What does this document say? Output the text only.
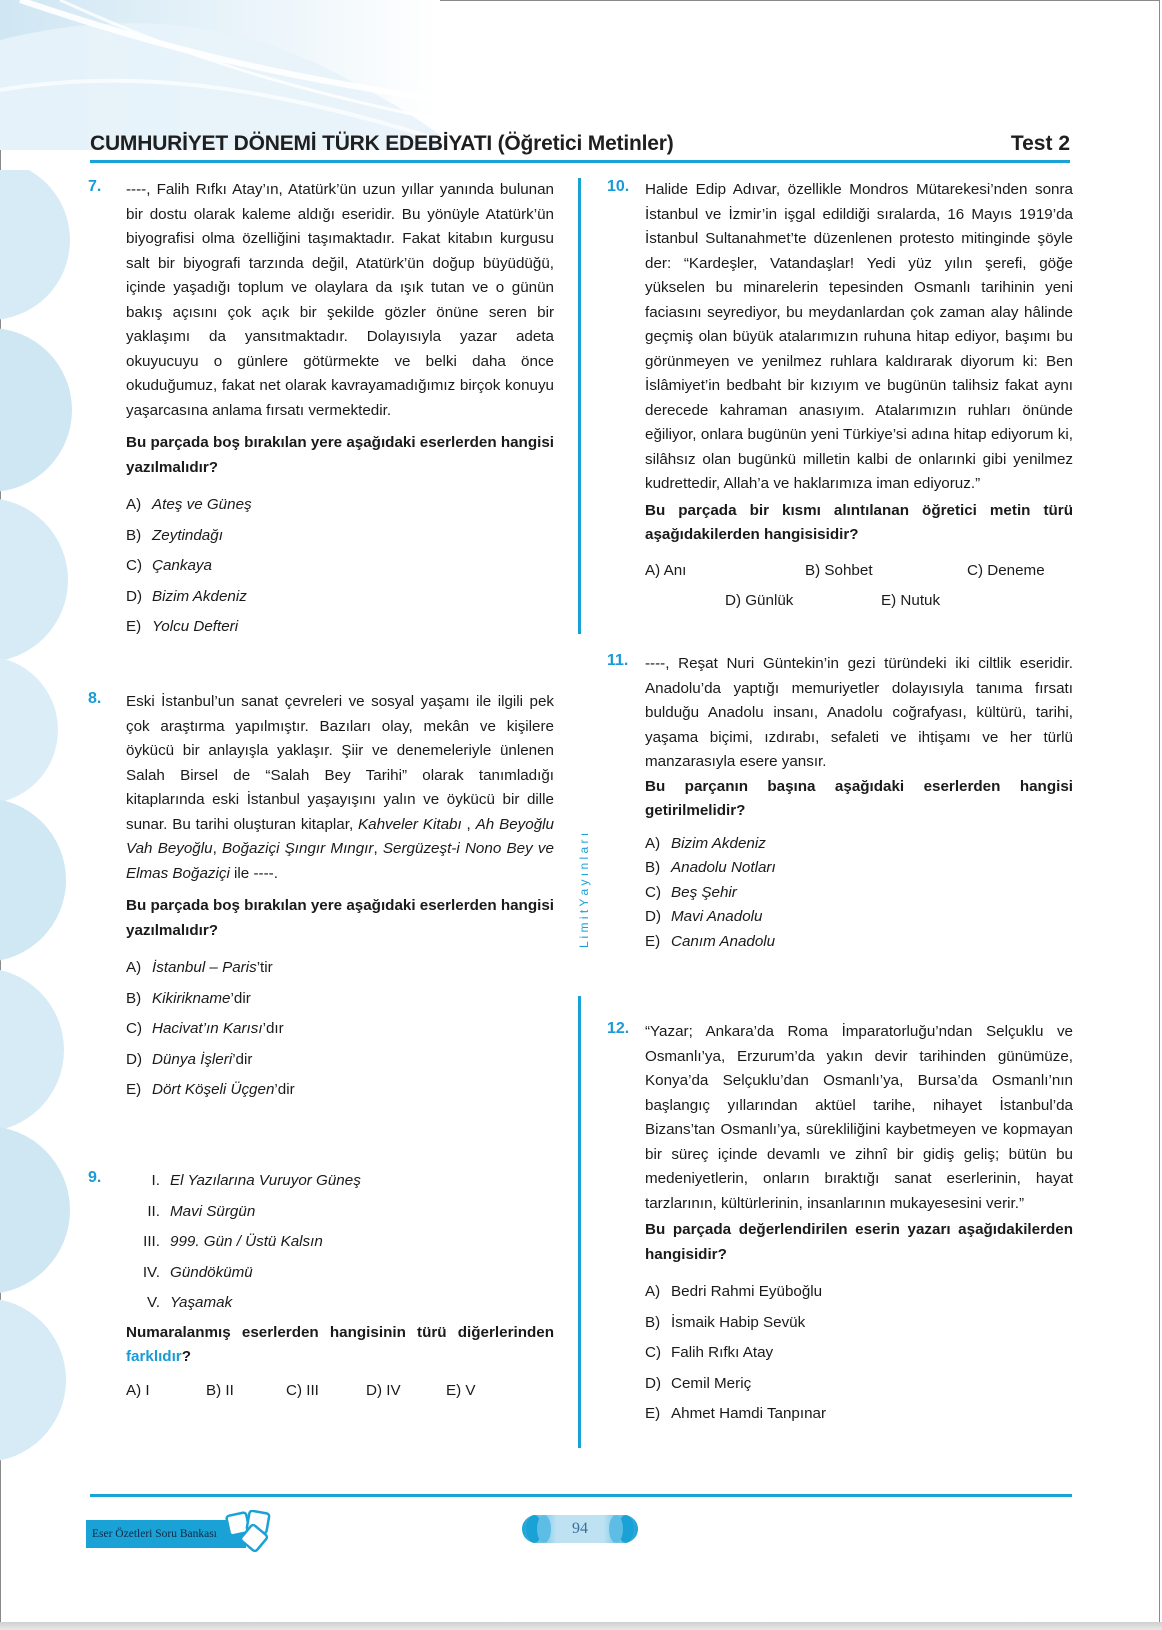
CUMHURİYET DÖNEMİ TÜRK EDEBİYATI (Öğretici Metinler)	Test 2
7. ----, Falih Rıfkı Atay’ın, Atatürk’ün uzun yıllar yanında bulunan bir dostu olarak kaleme aldığı eseridir. Bu yönüyle Atatürk’ün biyografisi olma özelliğini taşımaktadır. Fakat kitabın kurgusu salt bir biyografi tarzında değil, Atatürk’ün doğup büyüdüğü, içinde yaşadığı toplum ve olaylara da ışık tutan ve o günün bakış açısını çok açık bir şekilde gözler önüne seren bir yaklaşımı da yansıtmaktadır. Dolayısıyla yazar adeta okuyucuyu o günlere götürmekte ve belki daha önce okuduğumuz, fakat net olarak kavrayamadığımız birçok konuyu yaşarcasına anlama fırsatı vermektedir.
Bu parçada boş bırakılan yere aşağıdaki eserlerden hangisi yazılmalıdır?
A) Ateş ve Güneş
B) Zeytindağı
C) Çankaya
D) Bizim Akdeniz
E) Yolcu Defteri
8. Eski İstanbul’un sanat çevreleri ve sosyal yaşamı ile ilgili pek çok araştırma yapılmıştır. Bazıları olay, mekân ve kişilere öykücü bir anlayışla yaklaşır. Şiir ve denemeleriyle ünlenen Salah Birsel de “Salah Bey Tarihi” olarak tanımladığı kitaplarında eski İstanbul yaşayışını yalın ve öykücü bir dille sunar. Bu tarihi oluşturan kitaplar, Kahveler Kitabı , Ah Beyoğlu Vah Beyoğlu, Boğaziçi Şıngır Mıngır, Sergüzeşt-i Nono Bey ve Elmas Boğaziçi ile ----.
Bu parçada boş bırakılan yere aşağıdaki eserlerden hangisi yazılmalıdır?
A) İstanbul – Paris’tir
B) Kikirikname’dir
C) Hacivat’ın Karısı’dır
D) Dünya İşleri’dir
E) Dört Köşeli Üçgen’dir
9.	I. El Yazılarına Vuruyor Güneş
II. Mavi Sürgün
III. 999. Gün / Üstü Kalsın
IV. Gündökümü
V. Yaşamak
Numaralanmış eserlerden hangisinin türü diğerlerinden farklıdır?
A) I	B) II	C) III	D) IV	E) V
L i m i t Y a y ı n l a r ı
10. Halide Edip Adıvar, özellikle Mondros Mütarekesi’nden sonra İstanbul ve İzmir’in işgal edildiği sıralarda, 16 Mayıs 1919’da İstanbul Sultanahmet’te düzenlenen protesto mitinginde şöyle der: “Kardeşler, Vatandaşlar! Yedi yüz yılın şerefi, göğe yükselen bu minarelerin tepesinden Osmanlı tarihinin yeni faciasını seyrediyor, bu meydanlardan çok zaman alay hâlinde geçmiş olan büyük atalarımızın ruhuna hitap ediyor, başımı bu görünmeyen ve yenilmez ruhlara kaldırarak diyorum ki: Ben İslâmiyet’in bedbaht bir kızıyım ve bugünün talihsiz fakat aynı derecede kahraman anasıyım. Atalarımızın ruhları önünde eğiliyor, onlara bugünün yeni Türkiye’si adına hitap ediyorum ki, silâhsız olan bugünkü milletin kalbi de onlarınki gibi yenilmez kudrettedir, Allah’a ve haklarımıza iman ediyoruz.”
Bu parçada bir kısmı alıntılanan öğretici metin türü aşağıdakilerden hangisisidir?
A) Anı	B) Sohbet	C) Deneme
D) Günlük	E) Nutuk
11. ----, Reşat Nuri Güntekin’in gezi türündeki iki ciltlik eseridir. Anadolu’da yaptığı memuriyetler dolayısıyla tanıma fırsatı bulduğu Anadolu insanı, Anadolu coğrafyası, kültürü, tarihi, yaşama biçimi, ızdırabı, sefaleti ve ihtişamı ve her türlü manzarasıyla esere yansır.
Bu parçanın başına aşağıdaki eserlerden hangisi getirilmelidir?
A) Bizim Akdeniz
B) Anadolu Notları
C) Beş Şehir
D) Mavi Anadolu
E) Canım Anadolu
12. “Yazar; Ankara’da Roma İmparatorluğu’ndan Selçuklu ve Osmanlı’ya, Erzurum’da yakın devir tarihinden günümüze, Konya’da Selçuklu’dan Osmanlı’ya, Bursa’da Osmanlı’nın başlangıç yıllarından aktüel tarihe, nihayet İstanbul’da Bizans’tan Osmanlı’ya, sürekliliğini kaybetmeyen ve kopmayan bir süreç içinde devamlı ve zihnî bir gidiş geliş; bütün bu medeniyetlerin, onların bıraktığı sanat eserlerinin, hayat tarzlarının, kültürlerinin, insanlarının mukayesesini verir.”
Bu parçada değerlendirilen eserin yazarı aşağıdakilerden hangisidir?
A) Bedri Rahmi Eyüboğlu
B) İsmaik Habip Sevük
C) Falih Rıfkı Atay
D) Cemil Meriç
E) Ahmet Hamdi Tanpınar
Eser Özetleri Soru Bankası	94
